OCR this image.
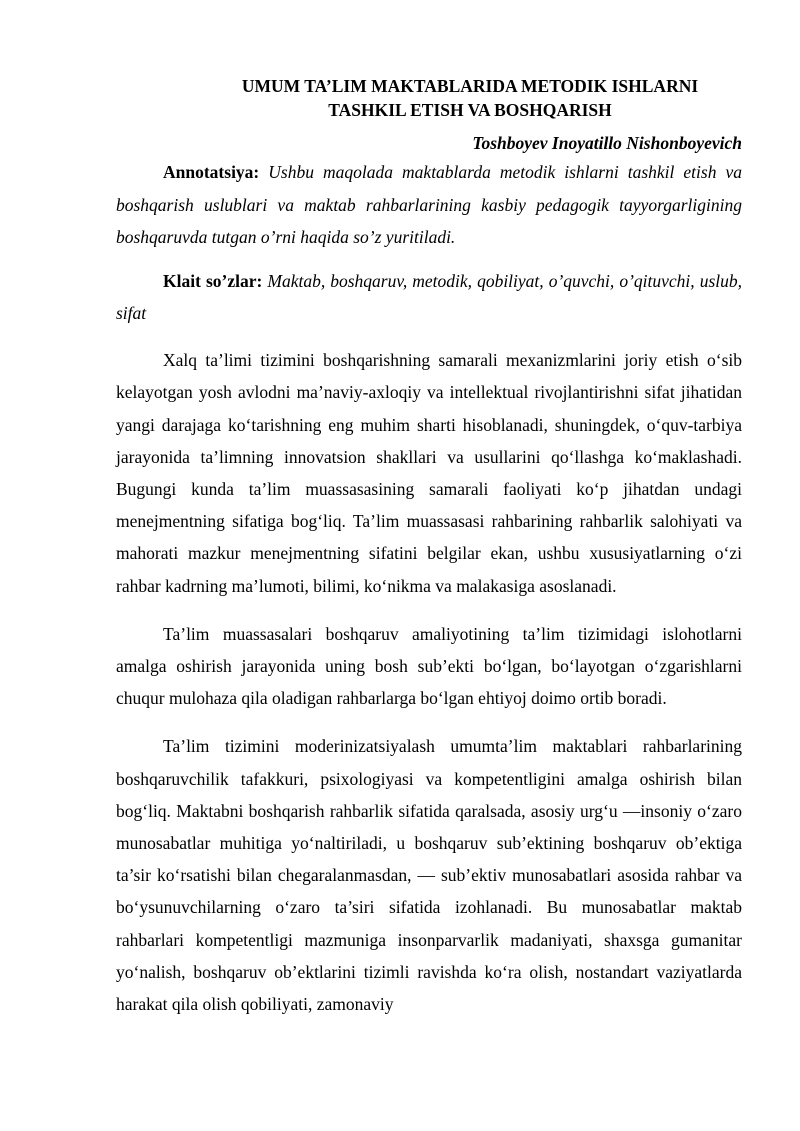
UMUM TA’LIM MAKTABLARIDA METODIK ISHLARNI
TASHKIL ETISH VA BOSHQARISH
Toshboyev Inoyatillo Nishonboyevich

Annotatsiya: Ushbu maqolada maktablarda metodik ishlarni tashkil etish va boshqarish uslublari va maktab rahbarlarining kasbiy pedagogik tayyorgarligining boshqaruvda tutgan o’rni haqida so’z yuritiladi.

Klait so’zlar: Maktab, boshqaruv, metodik, qobiliyat, o’quvchi, o’qituvchi, uslub, sifat

Xalq ta’limi tizimini boshqarishning samarali mexanizmlarini joriy etish o‘sib kelayotgan yosh avlodni ma’naviy-axloqiy va intellektual rivojlantirishni sifat jihatidan yangi darajaga ko‘tarishning eng muhim sharti hisoblanadi, shuningdek, o‘quv-tarbiya jarayonida ta’limning innovatsion shakllari va usullarini qo‘llashga ko‘maklashadi. Bugungi kunda ta’lim muassasasining samarali faoliyati ko‘p jihatdan undagi menejmentning sifatiga bog‘liq. Ta’lim muassasasi rahbarining rahbarlik salohiyati va mahorati mazkur menejmentning sifatini belgilar ekan, ushbu xususiyatlarning o‘zi rahbar kadrning ma’lumoti, bilimi, ko‘nikma va malakasiga asoslanadi.

Ta’lim muassasalari boshqaruv amaliyotining ta’lim tizimidagi islohotlarni amalga oshirish jarayonida uning bosh sub’ekti bo‘lgan, bo‘layotgan o‘zgarishlarni chuqur mulohaza qila oladigan rahbarlarga bo‘lgan ehtiyoj doimo ortib boradi.

Ta’lim tizimini moderinizatsiyalash umumta’lim maktablari rahbarlarining boshqaruvchilik tafakkuri, psixologiyasi va kompetentligini amalga oshirish bilan bog‘liq. Maktabni boshqarish rahbarlik sifatida qaralsada, asosiy urg‘u —insoniy o‘zaro munosabatlar muhitiga yo‘naltiriladi, u boshqaruv sub’ektining boshqaruv ob’ektiga ta’sir ko‘rsatishi bilan chegaralanmasdan, — sub’ektiv munosabatlari asosida rahbar va bo‘ysunuvchilarning o‘zaro ta’siri sifatida izohlanadi. Bu munosabatlar maktab rahbarlari kompetentligi mazmuniga insonparvarlik madaniyati, shaxsga gumanitar yo‘nalish, boshqaruv ob’ektlarini tizimli ravishda ko‘ra olish, nostandart vaziyatlarda harakat qila olish qobiliyati, zamonaviy
